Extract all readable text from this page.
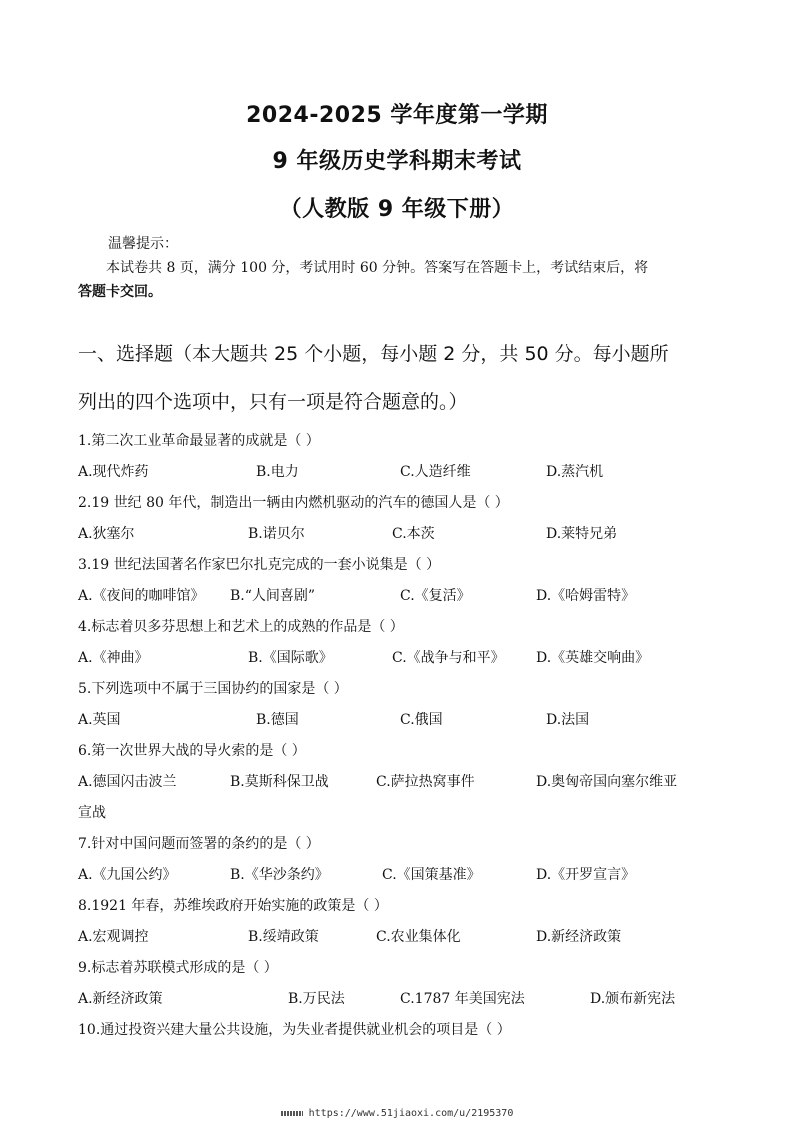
2024-2025 学年度第一学期
9 年级历史学科期末考试
（人教版 9 年级下册）
温馨提示：
本试卷共 8 页，满分 100 分，考试用时 60 分钟。答案写在答题卡上，考试结束后，将
答题卡交回。
一、选择题（本大题共 25 个小题，每小题 2 分，共 50 分。每小题所
列出的四个选项中，只有一项是符合题意的。）
1.第二次工业革命最显著的成就是（ ）
A.现代炸药	B.电力	C.人造纤维	D.蒸汽机
2.19 世纪 80 年代，制造出一辆由内燃机驱动的汽车的德国人是（ ）
A.狄塞尔	B.诺贝尔	C.本茨	D.莱特兄弟
3.19 世纪法国著名作家巴尔扎克完成的一套小说集是（ ）
A.《夜间的咖啡馆》 B.“人间喜剧”	C.《复活》	D.《哈姆雷特》
4.标志着贝多芬思想上和艺术上的成熟的作品是（ ）
A.《神曲》	B.《国际歌》	C.《战争与和平》 D.《英雄交响曲》
5.下列选项中不属于三国协约的国家是（ ）
A.英国	B.德国	C.俄国	D.法国
6.第一次世界大战的导火索的是（ ）
A.德国闪击波兰	B.莫斯科保卫战	C.萨拉热窝事件	D.奥匈帝国向塞尔维亚
宣战
7.针对中国问题而签署的条约的是（ ）
A.《九国公约》	B.《华沙条约》	C.《国策基准》	D.《开罗宣言》
8.1921 年春，苏维埃政府开始实施的政策是（ ）
A.宏观调控	B.绥靖政策	C.农业集体化	D.新经济政策
9.标志着苏联模式形成的是（ ）
A.新经济政策	B.万民法	C.1787 年美国宪法	D.颁布新宪法
10.通过投资兴建大量公共设施，为失业者提供就业机会的项目是（ ）
https://www.51jiaoxi.com/u/2195370
